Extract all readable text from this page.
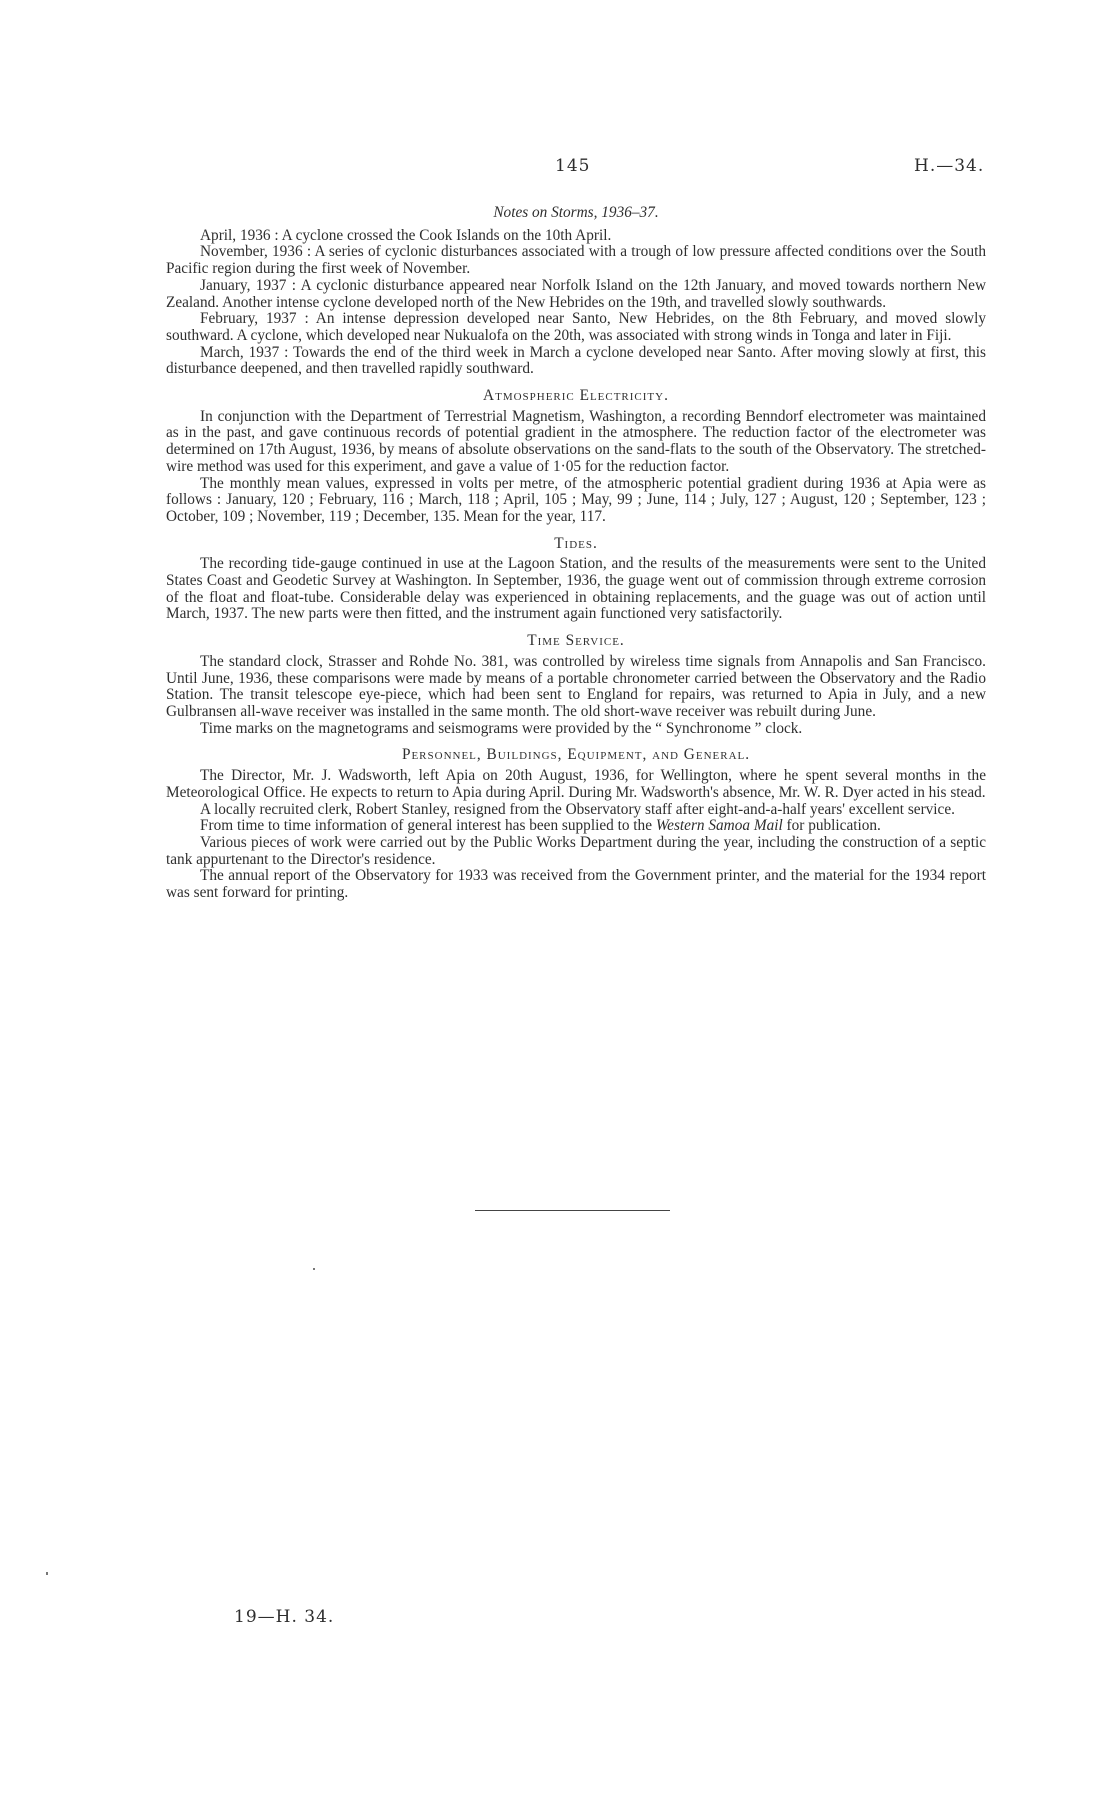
145	H.—34.
Notes on Storms, 1936–37.

April, 1936 : A cyclone crossed the Cook Islands on the 10th April.

November, 1936 : A series of cyclonic disturbances associated with a trough of low pressure affected conditions over the South Pacific region during the first week of November.

January, 1937 : A cyclonic disturbance appeared near Norfolk Island on the 12th January, and moved towards northern New Zealand. Another intense cyclone developed north of the New Hebrides on the 19th, and travelled slowly southwards.

February, 1937 : An intense depression developed near Santo, New Hebrides, on the 8th February, and moved slowly southward. A cyclone, which developed near Nukualofa on the 20th, was associated with strong winds in Tonga and later in Fiji.

March, 1937 : Towards the end of the third week in March a cyclone developed near Santo. After moving slowly at first, this disturbance deepened, and then travelled rapidly southward.

Atmospheric Electricity.

In conjunction with the Department of Terrestrial Magnetism, Washington, a recording Benndorf electrometer was maintained as in the past, and gave continuous records of potential gradient in the atmosphere. The reduction factor of the electrometer was determined on 17th August, 1936, by means of absolute observations on the sand-flats to the south of the Observatory. The stretched-wire method was used for this experiment, and gave a value of 1·05 for the reduction factor.

The monthly mean values, expressed in volts per metre, of the atmospheric potential gradient during 1936 at Apia were as follows : January, 120 ; February, 116 ; March, 118 ; April, 105 ; May, 99 ; June, 114 ; July, 127 ; August, 120 ; September, 123 ; October, 109 ; November, 119 ; December, 135. Mean for the year, 117.

Tides.

The recording tide-gauge continued in use at the Lagoon Station, and the results of the measurements were sent to the United States Coast and Geodetic Survey at Washington. In September, 1936, the guage went out of commission through extreme corrosion of the float and float-tube. Considerable delay was experienced in obtaining replacements, and the guage was out of action until March, 1937. The new parts were then fitted, and the instrument again functioned very satisfactorily.

Time Service.

The standard clock, Strasser and Rohde No. 381, was controlled by wireless time signals from Annapolis and San Francisco. Until June, 1936, these comparisons were made by means of a portable chronometer carried between the Observatory and the Radio Station. The transit telescope eye-piece, which had been sent to England for repairs, was returned to Apia in July, and a new Gulbransen all-wave receiver was installed in the same month. The old short-wave receiver was rebuilt during June.

Time marks on the magnetograms and seismograms were provided by the “ Synchronome ” clock.

Personnel, Buildings, Equipment, and General.

The Director, Mr. J. Wadsworth, left Apia on 20th August, 1936, for Wellington, where he spent several months in the Meteorological Office. He expects to return to Apia during April. During Mr. Wadsworth's absence, Mr. W. R. Dyer acted in his stead.

A locally recruited clerk, Robert Stanley, resigned from the Observatory staff after eight-and-a-half years' excellent service.

From time to time information of general interest has been supplied to the Western Samoa Mail for publication.

Various pieces of work were carried out by the Public Works Department during the year, including the construction of a septic tank appurtenant to the Director's residence.

The annual report of the Observatory for 1933 was received from the Government printer, and the material for the 1934 report was sent forward for printing.

19—H. 34.
